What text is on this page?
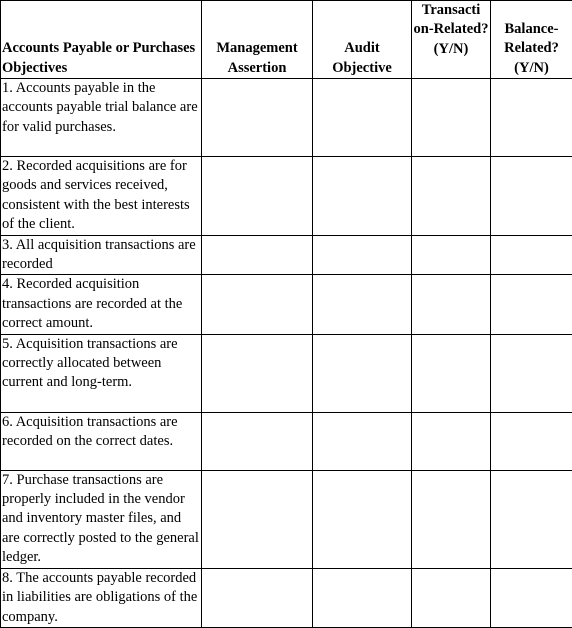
Accounts Payable or Purchases Objectives	Management Assertion	Audit Objective	Transacti on-Related? (Y/N)	Balance-Related? (Y/N)
1. Accounts payable in the accounts payable trial balance are for valid purchases.				
2. Recorded acquisitions are for goods and services received, consistent with the best interests of the client.				
3. All acquisition transactions are recorded				
4. Recorded acquisition transactions are recorded at the correct amount.				
5. Acquisition transactions are correctly allocated between current and long-term.				
6. Acquisition transactions are recorded on the correct dates.				
7. Purchase transactions are properly included in the vendor and inventory master files, and are correctly posted to the general ledger.				
8. The accounts payable recorded in liabilities are obligations of the company.				
